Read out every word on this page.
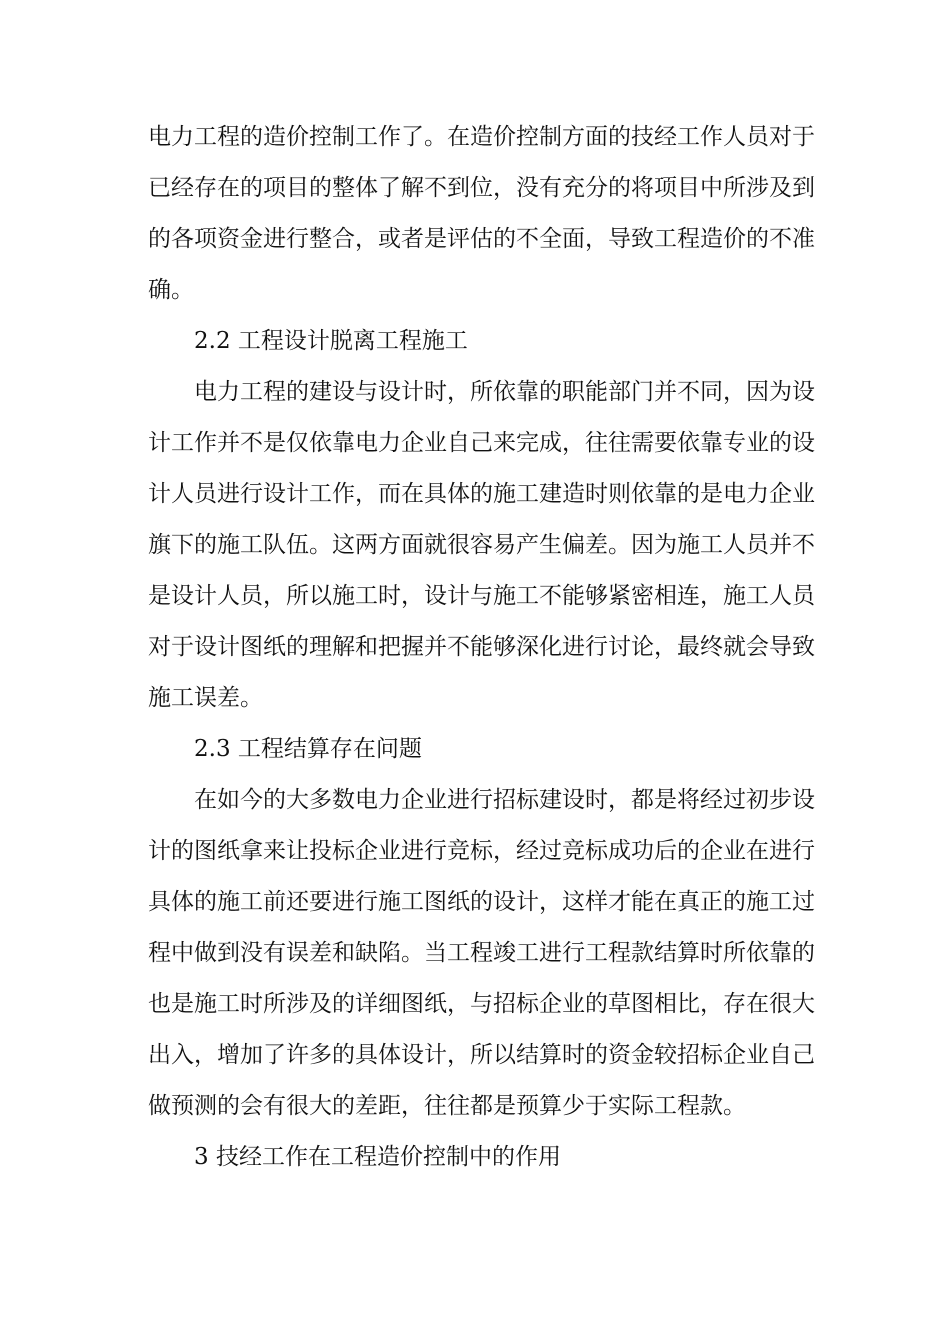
电力工程的造价控制工作了。在造价控制方面的技经工作人员对于
已经存在的项目的整体了解不到位，没有充分的将项目中所涉及到
的各项资金进行整合，或者是评估的不全面，导致工程造价的不准
确。
2.2 工程设计脱离工程施工
电力工程的建设与设计时，所依靠的职能部门并不同，因为设
计工作并不是仅依靠电力企业自己来完成，往往需要依靠专业的设
计人员进行设计工作，而在具体的施工建造时则依靠的是电力企业
旗下的施工队伍。这两方面就很容易产生偏差。因为施工人员并不
是设计人员，所以施工时，设计与施工不能够紧密相连，施工人员
对于设计图纸的理解和把握并不能够深化进行讨论，最终就会导致
施工误差。
2.3 工程结算存在问题
在如今的大多数电力企业进行招标建设时，都是将经过初步设
计的图纸拿来让投标企业进行竞标，经过竞标成功后的企业在进行
具体的施工前还要进行施工图纸的设计，这样才能在真正的施工过
程中做到没有误差和缺陷。当工程竣工进行工程款结算时所依靠的
也是施工时所涉及的详细图纸，与招标企业的草图相比，存在很大
出入，增加了许多的具体设计，所以结算时的资金较招标企业自己
做预测的会有很大的差距，往往都是预算少于实际工程款。
3 技经工作在工程造价控制中的作用
